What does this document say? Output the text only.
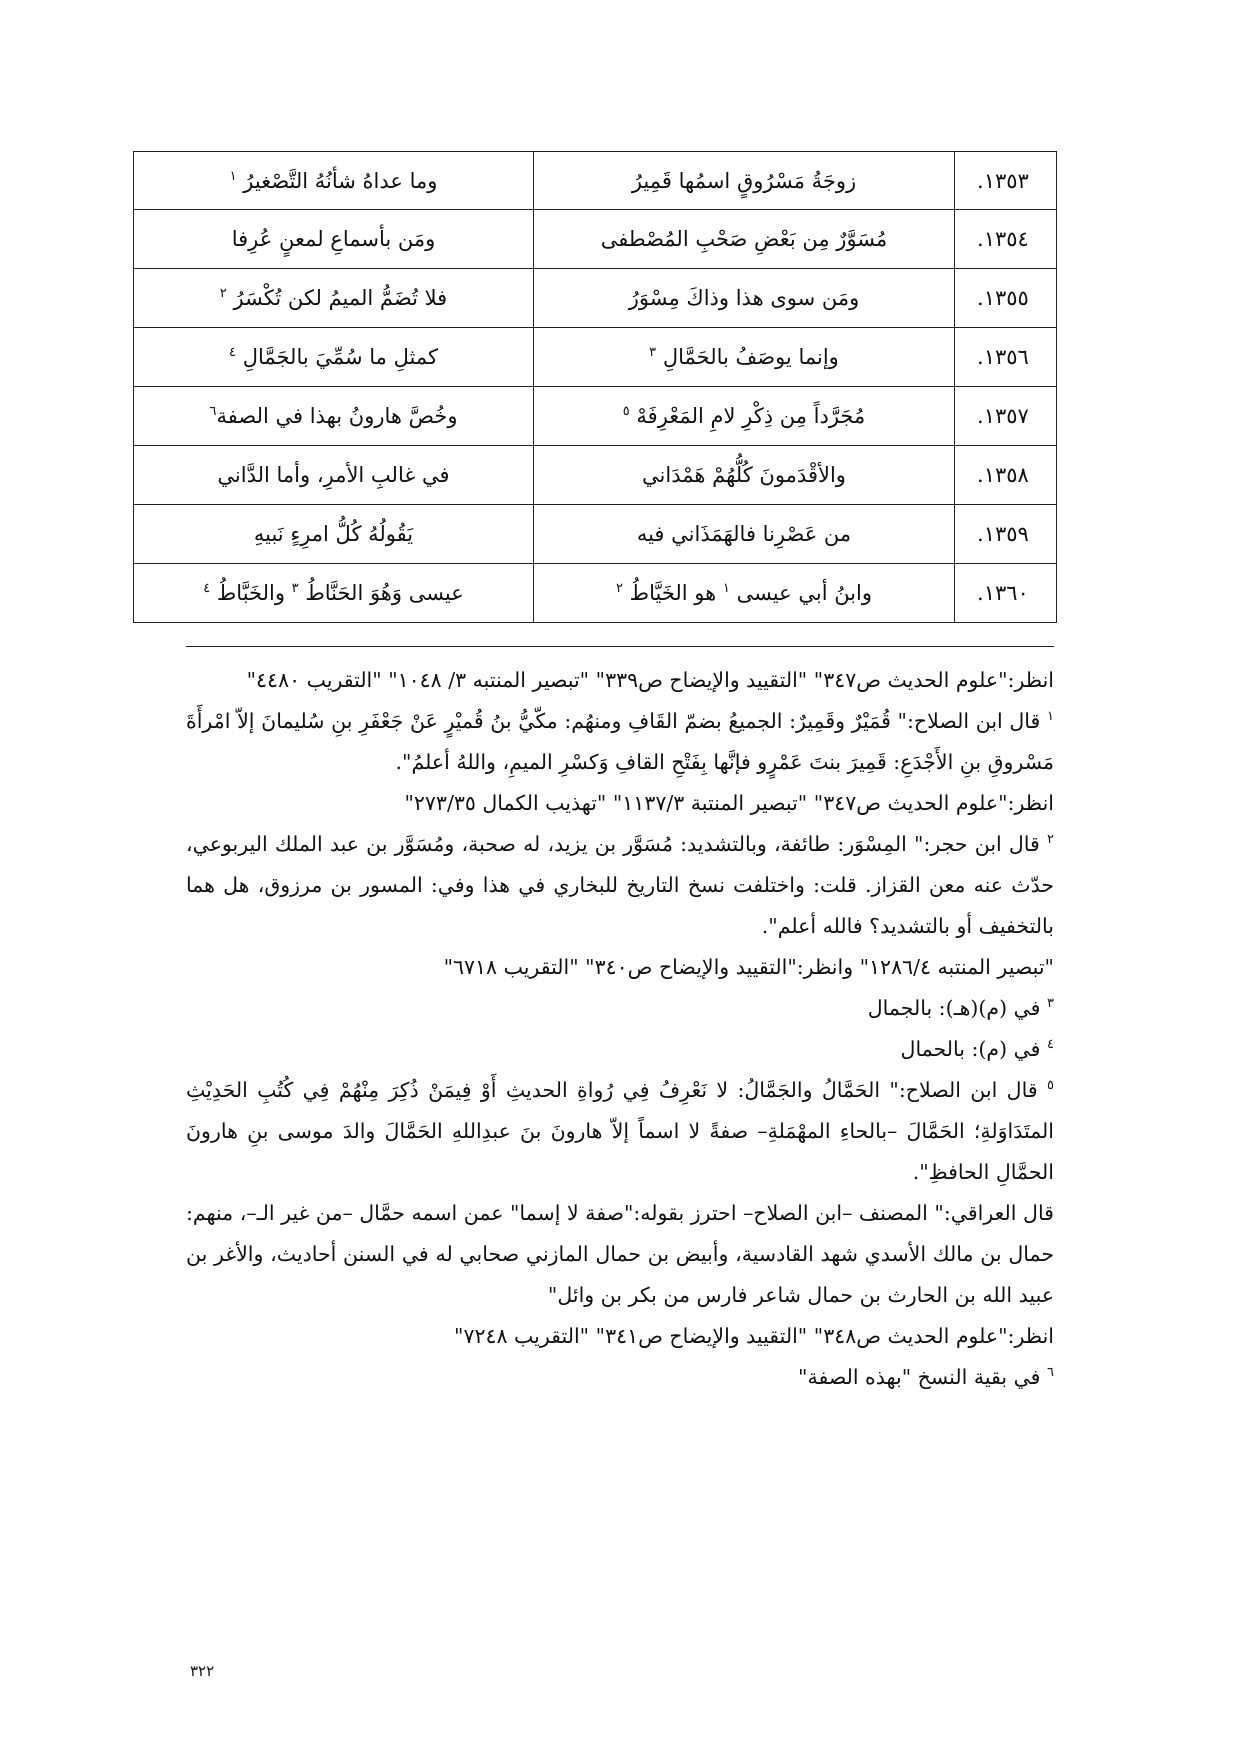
١٣٥٣.	زوجَةُ مَسْرُوقٍ اسمُها قَمِيرُ	وما عداهُ شأنُهُ التَّصْغيرُ $^١$
١٣٥٤.	مُسَوَّرٌ مِن بَعْضِ صَحْبِ المُصْطفى	ومَن بأسماعِ لمعنٍ عُرِفا
١٣٥٥.	ومَن سوى هذا وذاكَ مِسْوَرُ	فلا تُضَمُّ الميمُ لكن تُكْسَرُ $^٢$
١٣٥٦.	وإنما يوصَفُ بالحَمَّالِ $^٣$	كمثلِ ما سُمِّيَ بالجَمَّالِ $^٤$
١٣٥٧.	مُجَرَّداً مِن ذِكْرِ لامِ المَعْرِفَهْ $^٥$	وخُصَّ هارونُ بهذا في الصفة$^٦$
١٣٥٨.	والأقْدَمونَ كُلُّهُمْ هَمْدَاني	في غالبِ الأمرِ، وأما الدَّاني
١٣٥٩.	من عَصْرِنا فالهَمَذَاني فيه	يَقُولُهُ كُلُّ امرِءٍ نَبيهِ
١٣٦٠.	وابنُ أبي عيسى $^١$ هو الخَيَّاطُ $^٢$	عيسى وَهُوَ الحَنَّاطُ $^٣$ والخَبَّاطُ $^٤$

انظر:"علوم الحديث ص٣٤٧" "التقييد والإيضاح ص٣٣٩" "تبصير المنتبه ٣/ ١٠٤٨" "التقريب ٤٤٨٠"

$^١$ قال ابن الصلاح:" قُمَيْرٌ وقَمِيرٌ: الجميعُ بضمّ القَافِ ومنهُم: مكّيُّ بنُ قُميْرٍ عَنْ جَعْفَرِ بنِ سُليمانَ إلاّ امْرأَةَ مَسْروقِ بنِ الأَجْدَعِ: قَمِيرَ بنتَ عَمْرٍو فإنَّها بِفَتْحِ القافِ وَكسْرِ الميمِ، واللهُ أعلمُ".

انظر:"علوم الحديث ص٣٤٧" "تبصير المنتبة ١١٣٧/٣" "تهذيب الكمال ٢٧٣/٣٥"

$^٢$ قال ابن حجر:" المِسْوَر: طائفة، وبالتشديد: مُسَوَّر بن يزيد، له صحبة، ومُسَوَّر بن عبد الملك اليربوعي، حدّث عنه معن القزاز. قلت: واختلفت نسخ التاريخ للبخاري في هذا وفي: المسور بن مرزوق، هل هما بالتخفيف أو بالتشديد؟ فالله أعلم".

"تبصير المنتبه ١٢٨٦/٤" وانظر:"التقييد والإيضاح ص٣٤٠" "التقريب ٦٧١٨"

$^٣$ في (م)(هـ): بالجمال

$^٤$ في (م): بالحمال

$^٥$ قال ابن الصلاح:" الحَمَّالُ والجَمَّالُ: لا نَعْرِفُ فِي رُواةِ الحديثِ أَوْ فِيمَنْ ذُكِرَ مِنْهُمْ فِي كُتُبِ الحَدِيْثِ المتَدَاوَلةِ؛ الحَمَّالَ –بالحاءِ المهْمَلةِ– صفةً لا اسماً إلاّ هارونَ بنَ عبدِاللهِ الحَمَّالَ والدَ موسى بنِ هارونَ الحمَّالِ الحافظِ".

قال العراقي:" المصنف –ابن الصلاح– احترز بقوله:"صفة لا إسما" عمن اسمه حمَّال –من غير الـ–، منهم: حمال بن مالك الأسدي شهد القادسية، وأبيض بن حمال المازني صحابي له في السنن أحاديث، والأغر بن عبيد الله بن الحارث بن حمال شاعر فارس من بكر بن وائل"

انظر:"علوم الحديث ص٣٤٨" "التقييد والإيضاح ص٣٤١" "التقريب ٧٢٤٨"

$^٦$ في بقية النسخ "بهذه الصفة"

٣٢٢
